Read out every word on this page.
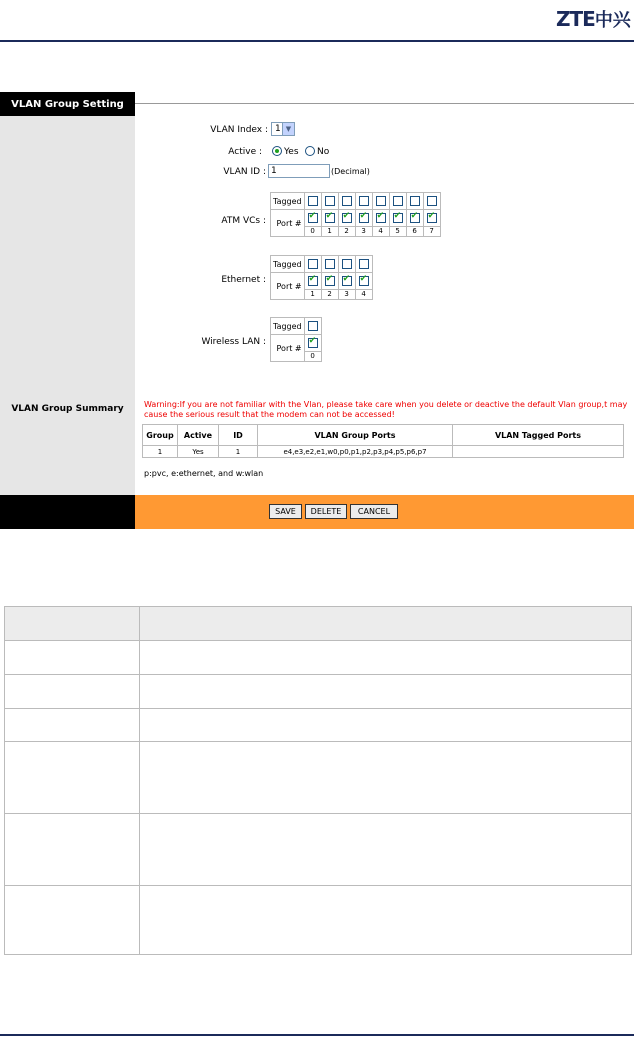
ZTE中兴
VLAN Group Setting
VLAN Group Summary
VLAN Index : 1 ▼
Active : Yes No
VLAN ID : 1	(Decimal)
ATM VCs :
Tagged								
Port #	✔	✔	✔	✔	✔	✔	✔	✔
	0	1	2	3	4	5	6	7
Ethernet :
Tagged				
Port #	✔	✔	✔	✔
	1	2	3	4
Wireless LAN :
Tagged	
Port #	✔
	0
Warning:If you are not familiar with the Vlan, please take care when you delete or deactive the default Vlan group,t may cause the serious result that the modem can not be accessed!
Group	Active	ID	VLAN Group Ports	VLAN Tagged Ports
1	Yes	1	e4,e3,e2,e1,w0,p0,p1,p2,p3,p4,p5,p6,p7	
p:pvc, e:ethernet, and w:wlan
SAVE	DELETE	CANCEL
